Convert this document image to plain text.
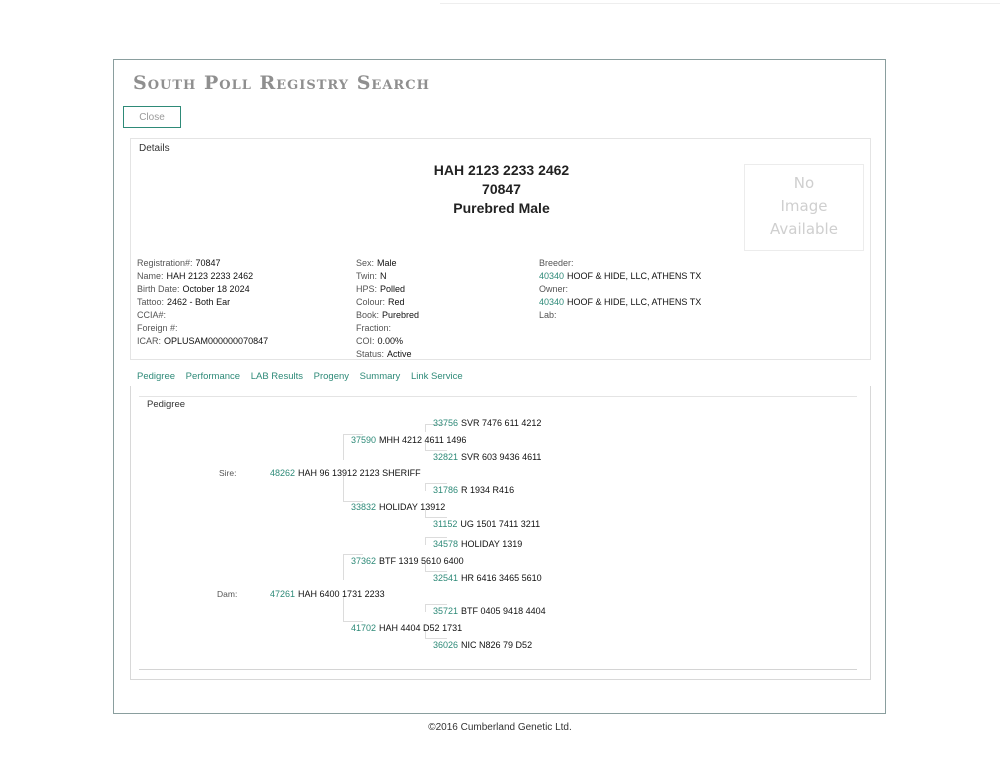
South Poll Registry Search
Close
Details
HAH 2123 2233 2462
70847
Purebred Male
No
Image
Available
Registration#: 70847
Name: HAH 2123 2233 2462
Birth Date: October 18 2024
Tattoo: 2462 - Both Ear
CCIA#:
Foreign #:
ICAR: OPLUSAM000000070847
Sex: Male
Twin: N
HPS: Polled
Colour: Red
Book: Purebred
Fraction:
COI: 0.00%
Status: Active
Breeder:
40340 HOOF & HIDE, LLC, ATHENS TX
Owner:
40340 HOOF & HIDE, LLC, ATHENS TX
Lab:
Pedigree Performance LAB Results Progeny Summary Link Service
Pedigree
33756 SVR 7476 611 4212
32821 SVR 603 9436 4611
31786 R 1934 R416
31152 UG 1501 7411 3211
34578 HOLIDAY 1319
32541 HR 6416 3465 5610
35721 BTF 0405 9418 4404
36026 NIC N826 79 D52
37590 MHH 4212 4611 1496
33832 HOLIDAY 13912
37362 BTF 1319 5610 6400
41702 HAH 4404 D52 1731
Sire:	48262 HAH 96 13912 2123 SHERIFF
Dam:	47261 HAH 6400 1731 2233
©2016 Cumberland Genetic Ltd.
